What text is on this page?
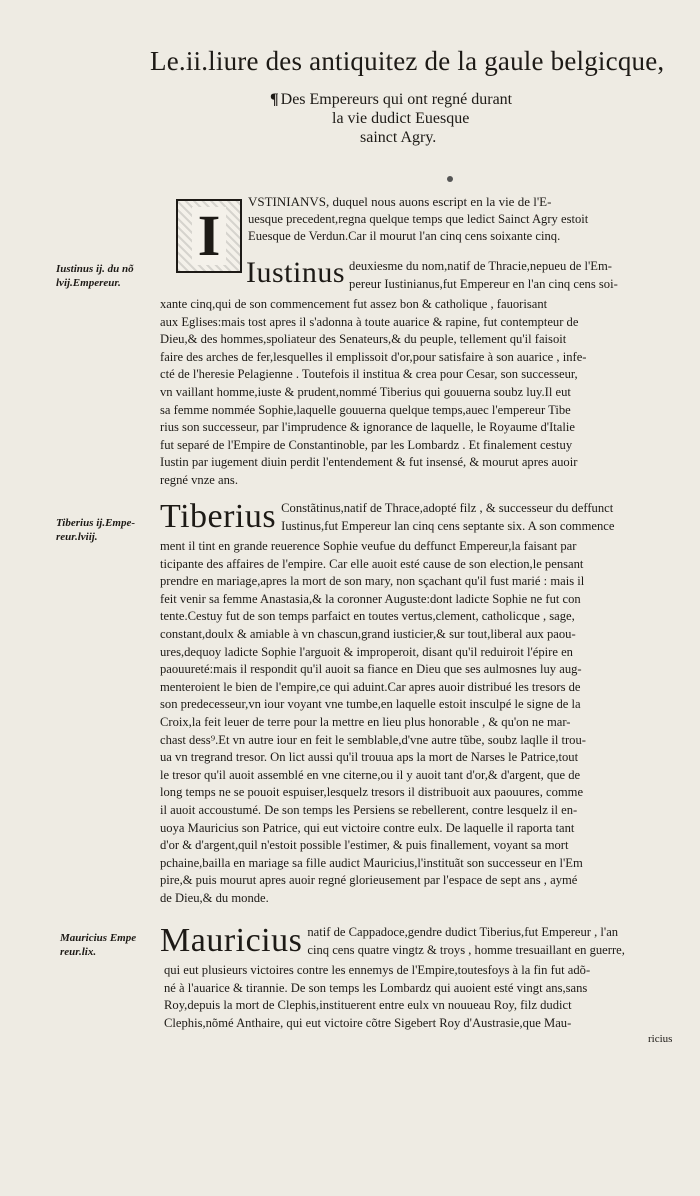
Le.ii.liure des antiquitez de la gaule belgicque,
¶ Des Empereurs qui ont regné durant
la vie dudict Euesque
sainct Agry.
I
VSTINIANVS, duquel nous auons escript en la vie de l'E-
uesque precedent,regna quelque temps que ledict Sainct Agry estoit
Euesque de Verdun.Car il mourut l'an cinq cens soixante cinq.
Iustinus ij. du nõ
lvij.Empereur.
Tiberius ij.Empe-
reur.lviij.
Mauricius Empe
reur.lix.
Iustinus deuxiesme du nom,natif de Thracie,nepueu de l'Em-
pereur Iustinianus,fut Empereur en l'an cinq cens soi-
xante cinq,qui de son commencement fut assez bon & catholique , fauorisant
aux Eglises:mais tost apres il s'adonna à toute auarice & rapine, fut contempteur de
Dieu,& des hommes,spoliateur des Senateurs,& du peuple, tellement qu'il faisoit
faire des arches de fer,lesquelles il emplissoit d'or,pour satisfaire à son auarice , infe-
cté de l'heresie Pelagienne . Toutefois il institua & crea pour Cesar, son successeur,
vn vaillant homme,iuste & prudent,nommé Tiberius qui gouuerna soubz luy.Il eut
sa femme nommée Sophie,laquelle gouuerna quelque temps,auec l'empereur Tibe
rius son successeur, par l'imprudence & ignorance de laquelle, le Royaume d'Italie
fut separé de l'Empire de Constantinoble, par les Lombardz . Et finalement cestuy
Iustin par iugement diuin perdit l'entendement & fut insensé, & mourut apres auoir
regné vnze ans.
Tiberius Constãtinus,natif de Thrace,adopté filz , & successeur du deffunct
Iustinus,fut Empereur lan cinq cens septante six. A son commence
ment il tint en grande reuerence Sophie veufue du deffunct Empereur,la faisant par
ticipante des affaires de l'empire. Car elle auoit esté cause de son election,le pensant
prendre en mariage,apres la mort de son mary, non sçachant qu'il fust marié : mais il
feit venir sa femme Anastasia,& la coronner Auguste:dont ladicte Sophie ne fut con
tente.Cestuy fut de son temps parfaict en toutes vertus,clement, catholicque , sage,
constant,doulx & amiable à vn chascun,grand iusticier,& sur tout,liberal aux paou-
ures,dequoy ladicte Sophie l'arguoit & improperoit, disant qu'il reduiroit l'épire en
paouureté:mais il respondit qu'il auoit sa fiance en Dieu que ses aulmosnes luy aug-
menteroient le bien de l'empire,ce qui aduint.Car apres auoir distribué les tresors de
son predecesseur,vn iour voyant vne tumbe,en laquelle estoit insculpé le signe de la
Croix,la feit leuer de terre pour la mettre en lieu plus honorable , & qu'on ne mar-
chast dess⁹.Et vn autre iour en feit le semblable,d'vne autre tũbe, soubz laqlle il trou-
ua vn tregrand tresor. On lict aussi qu'il trouua aps la mort de Narses le Patrice,tout
le tresor qu'il auoit assemblé en vne citerne,ou il y auoit tant d'or,& d'argent, que de
long temps ne se pouoit espuiser,lesquelz tresors il distribuoit aux paouures, comme
il auoit accoustumé. De son temps les Persiens se rebellerent, contre lesquelz il en-
uoya Mauricius son Patrice, qui eut victoire contre eulx. De laquelle il raporta tant
d'or & d'argent,quil n'estoit possible l'estimer, & puis finallement, voyant sa mort
pchaine,bailla en mariage sa fille audict Mauricius,l'instituãt son successeur en l'Em
pire,& puis mourut apres auoir regné glorieusement par l'espace de sept ans , aymé
de Dieu,& du monde.
Mauricius natif de Cappadoce,gendre dudict Tiberius,fut Empereur , l'an
cinq cens quatre vingtz & troys , homme tresuaillant en guerre,
qui eut plusieurs victoires contre les ennemys de l'Empire,toutesfoys à la fin fut adõ-
né à l'auarice & tirannie. De son temps les Lombardz qui auoient esté vingt ans,sans
Roy,depuis la mort de Clephis,instituerent entre eulx vn nouueau Roy, filz dudict
Clephis,nõmé Anthaire, qui eut victoire cõtre Sigebert Roy d'Austrasie,que Mau-
ricius
